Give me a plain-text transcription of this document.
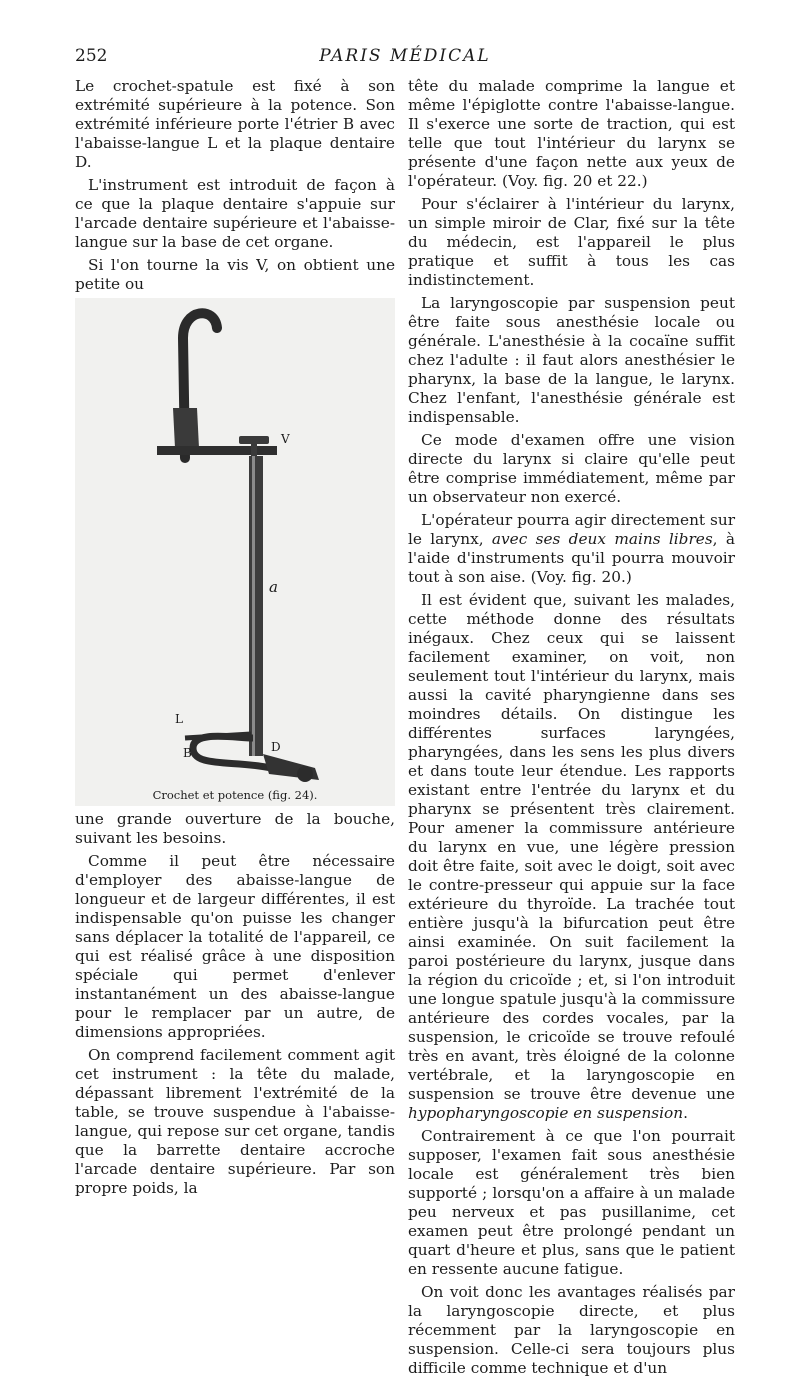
252	PARIS MÉDICAL

Le crochet-spatule est fixé à son extrémité supérieure à la potence. Son extrémité inférieure porte l'étrier B avec l'abaisse-langue L et la plaque dentaire D.

L'instrument est introduit de façon à ce que la plaque dentaire s'appuie sur l'arcade dentaire supérieure et l'abaisse-langue sur la base de cet organe.

Si l'on tourne la vis V, on obtient une petite ou

V
a
L
B	D
Crochet et potence (fig. 24).

une grande ouverture de la bouche, suivant les besoins.

Comme il peut être nécessaire d'employer des abaisse-langue de longueur et de largeur différentes, il est indispensable qu'on puisse les changer sans déplacer la totalité de l'appareil, ce qui est réalisé grâce à une disposition spéciale qui permet d'enlever instantanément un des abaisse-langue pour le remplacer par un autre, de dimensions appropriées.

On comprend facilement comment agit cet instrument : la tête du malade, dépassant librement l'extrémité de la table, se trouve suspendue à l'abaisse-langue, qui repose sur cet organe, tandis que la barrette dentaire accroche l'arcade dentaire supérieure. Par son propre poids, la

tête du malade comprime la langue et même l'épiglotte contre l'abaisse-langue. Il s'exerce une sorte de traction, qui est telle que tout l'intérieur du larynx se présente d'une façon nette aux yeux de l'opérateur. (Voy. fig. 20 et 22.)

Pour s'éclairer à l'intérieur du larynx, un simple miroir de Clar, fixé sur la tête du médecin, est l'appareil le plus pratique et suffit à tous les cas indistinctement.

La laryngoscopie par suspension peut être faite sous anesthésie locale ou générale. L'anesthésie à la cocaïne suffit chez l'adulte : il faut alors anesthésier le pharynx, la base de la langue, le larynx. Chez l'enfant, l'anesthésie générale est indispensable.

Ce mode d'examen offre une vision directe du larynx si claire qu'elle peut être comprise immédiatement, même par un observateur non exercé.

L'opérateur pourra agir directement sur le larynx, avec ses deux mains libres, à l'aide d'instruments qu'il pourra mouvoir tout à son aise. (Voy. fig. 20.)

Il est évident que, suivant les malades, cette méthode donne des résultats inégaux. Chez ceux qui se laissent facilement examiner, on voit, non seulement tout l'intérieur du larynx, mais aussi la cavité pharyngienne dans ses moindres détails. On distingue les différentes surfaces laryngées, pharyngées, dans les sens les plus divers et dans toute leur étendue. Les rapports existant entre l'entrée du larynx et du pharynx se présentent très clairement. Pour amener la commissure antérieure du larynx en vue, une légère pression doit être faite, soit avec le doigt, soit avec le contre-presseur qui appuie sur la face extérieure du thyroïde. La trachée tout entière jusqu'à la bifurcation peut être ainsi examinée. On suit facilement la paroi postérieure du larynx, jusque dans la région du cricoïde ; et, si l'on introduit une longue spatule jusqu'à la commissure antérieure des cordes vocales, par la suspension, le cricoïde se trouve refoulé très en avant, très éloigné de la colonne vertébrale, et la laryngoscopie en suspension se trouve être devenue une hypopharyngoscopie en suspension.

Contrairement à ce que l'on pourrait supposer, l'examen fait sous anesthésie locale est généralement très bien supporté ; lorsqu'on a affaire à un malade peu nerveux et pas pusillanime, cet examen peut être prolongé pendant un quart d'heure et plus, sans que le patient en ressente aucune fatigue.

On voit donc les avantages réalisés par la laryngoscopie directe, et plus récemment par la laryngoscopie en suspension. Celle-ci sera toujours plus difficile comme technique et d'un
